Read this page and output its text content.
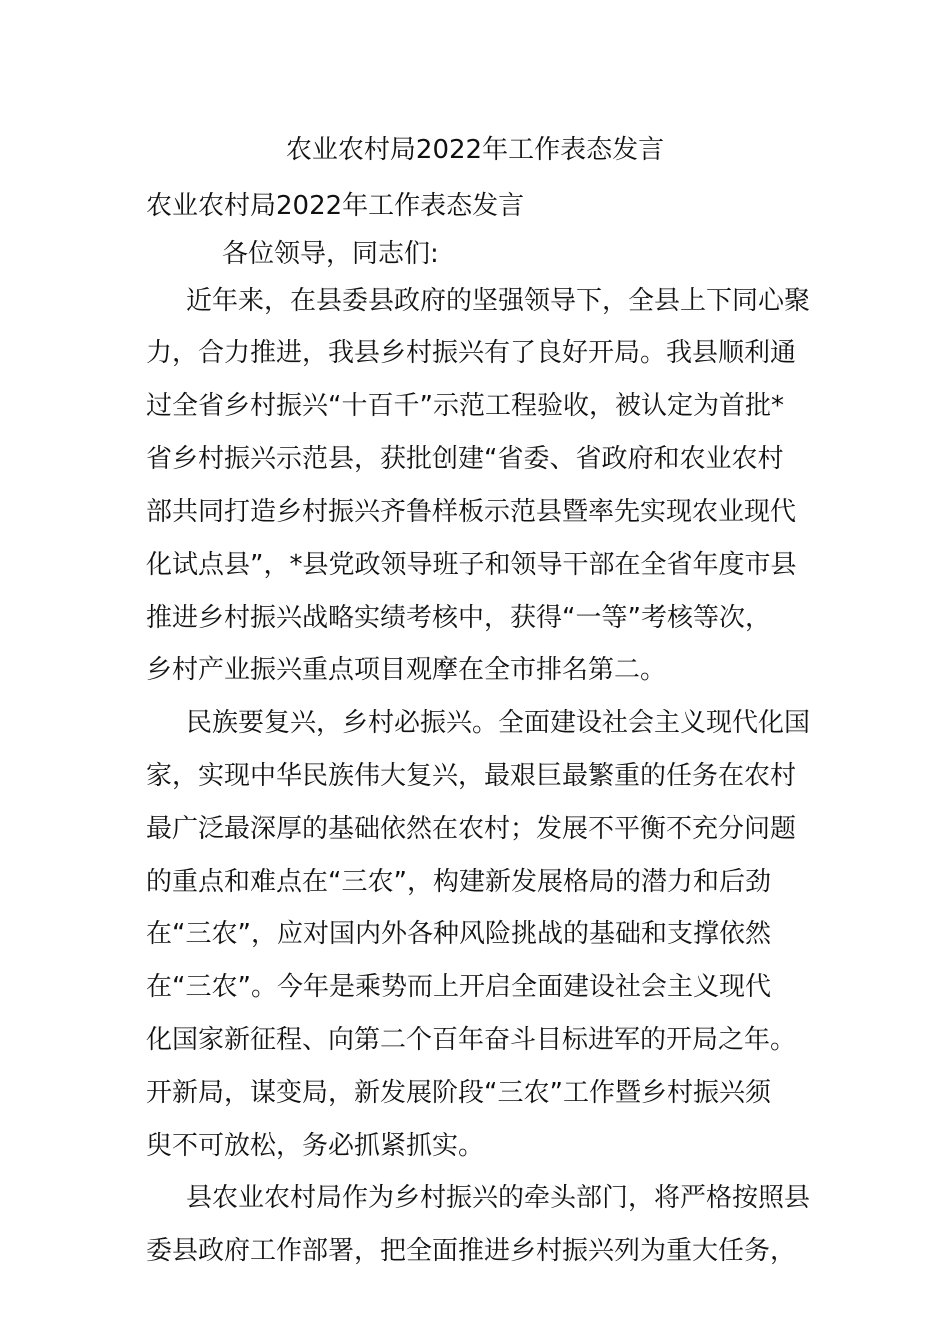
农业农村局2022年工作表态发言
农业农村局2022年工作表态发言
各位领导，同志们:
近年来，在县委县政府的坚强领导下，全县上下同心聚
力，合力推进，我县乡村振兴有了良好开局。我县顺利通
过全省乡村振兴“十百千”示范工程验收，被认定为首批*
省乡村振兴示范县，获批创建“省委、省政府和农业农村
部共同打造乡村振兴齐鲁样板示范县暨率先实现农业现代
化试点县”，*县党政领导班子和领导干部在全省年度市县
推进乡村振兴战略实绩考核中，获得“一等”考核等次，
乡村产业振兴重点项目观摩在全市排名第二。
民族要复兴，乡村必振兴。全面建设社会主义现代化国
家，实现中华民族伟大复兴，最艰巨最繁重的任务在农村
最广泛最深厚的基础依然在农村；发展不平衡不充分问题
的重点和难点在“三农”，构建新发展格局的潜力和后劲
在“三农”，应对国内外各种风险挑战的基础和支撑依然
在“三农”。今年是乘势而上开启全面建设社会主义现代
化国家新征程、向第二个百年奋斗目标进军的开局之年。
开新局，谋变局，新发展阶段“三农”工作暨乡村振兴须
臾不可放松，务必抓紧抓实。
县农业农村局作为乡村振兴的牵头部门，将严格按照县
委县政府工作部署，把全面推进乡村振兴列为重大任务，
